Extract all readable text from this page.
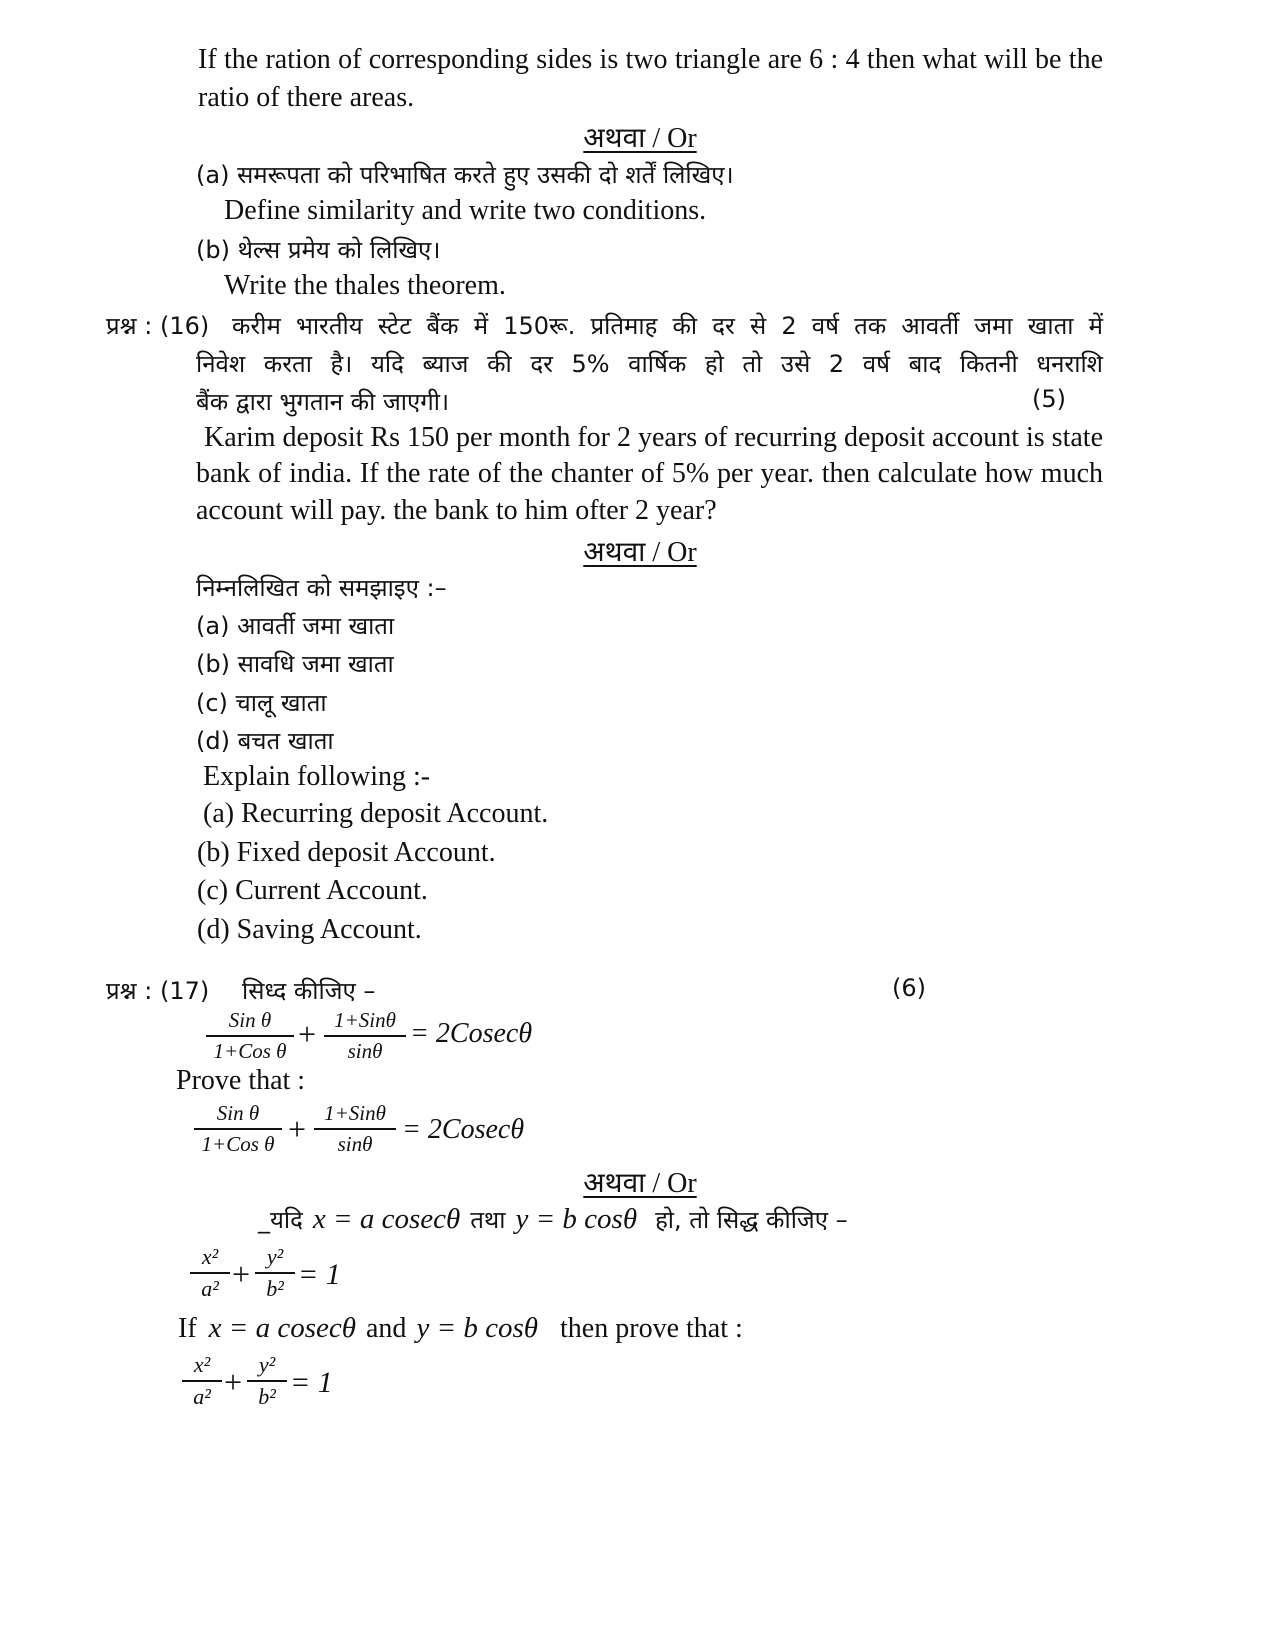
If the ration of corresponding sides is two triangle are 6 : 4 then what will be the
ratio of there areas.
अथवा / Or
(a) समरूपता को परिभाषित करते हुए उसकी दो शर्तें लिखिए।
Define similarity and write two conditions.
(b) थेल्स प्रमेय को लिखिए।
Write the thales theorem.
प्रश्न : (16) करीम भारतीय स्टेट बैंक में 150रू. प्रतिमाह की दर से 2 वर्ष तक आवर्ती जमा खाता में
निवेश करता है। यदि ब्याज की दर 5% वार्षिक हो तो उसे 2 वर्ष बाद कितनी धनराशि
बैंक द्वारा भुगतान की जाएगी।	(5)
Karim deposit Rs 150 per month for 2 years of recurring deposit account is state
bank of india. If the rate of the chanter of 5% per year. then calculate how much
account will pay. the bank to him ofter 2 year?
अथवा / Or
निम्नलिखित को समझाइए :–
(a) आवर्ती जमा खाता
(b) सावधि जमा खाता
(c) चालू खाता
(d) बचत खाता
Explain following :-
(a) Recurring deposit Account.
(b) Fixed deposit Account.
(c) Current Account.
(d) Saving Account.
प्रश्न : (17) सिध्द कीजिए –	(6)
Sin θ
1+Cos θ + 1+Sinθ
sinθ
= 2Cosecθ
Prove that :
Sin θ
1+Cos θ + 1+Sinθ
sinθ	= 2Cosecθ
अथवा / Or
_यदि x = a cosecθ तथा y = b cosθ हो, तो सिद्ध कीजिए –
$\frac{\text{x²}}{\text{a²}} + \frac{\text{y²}}{\text{b²}} = 1$
If x = a cosecθ and y = b cosθ then prove that :
$\frac{\text{x²}}{\text{a²}} + \frac{\text{y²}}{\text{b²}} = 1$
